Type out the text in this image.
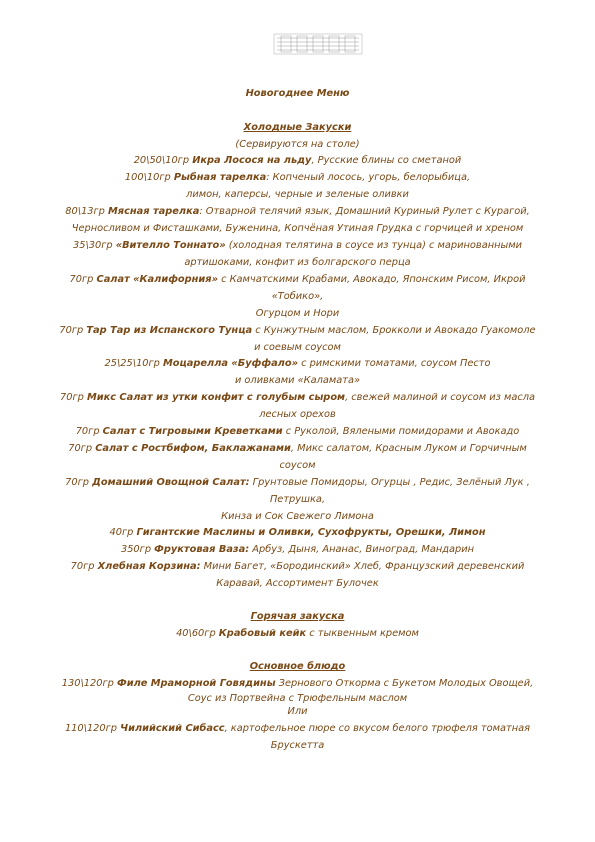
Новогоднее Меню
Холодные Закуски
(Сервируются на столе)
20\50\10гр Икра Лосося на льду, Русские блины со сметаной
100\10гр Рыбная тарелка: Копченый лосось, угорь, белорыбица,
лимон, каперсы, черные и зеленые оливки
80\13гр Мясная тарелка: Отварной телячий язык, Домашний Куриный Рулет с Курагой,
Черносливом и Фисташками, Буженина, Копчёная Утиная Грудка с горчицей и хреном
35\30гр «Вителло Тоннато» (холодная телятина в соусе из тунца) с маринованными
артишоками, конфит из болгарского перца
70гр Салат «Калифорния» с Камчатскими Крабами, Авокадо, Японским Рисом, Икрой
«Тобико»,
Огурцом и Нори
70гр Тар Тар из Испанского Тунца с Кунжутным маслом, Брокколи и Авокадо Гуакомоле
и соевым соусом
25\25\10гр Моцарелла «Буффало» с римскими томатами, соусом Песто
и оливками «Каламата»
70гр Микс Салат из утки конфит с голубым сыром, свежей малиной и соусом из масла
лесных орехов
70гр Салат с Тигровыми Креветками с Руколой, Вялеными помидорами и Авокадо
70гр Салат с Ростбифом, Баклажанами, Микс салатом, Красным Луком и Горчичным
соусом
70гр Домашний Овощной Салат: Грунтовые Помидоры, Огурцы , Редис, Зелёный Лук ,
Петрушка,
Кинза и Сок Свежего Лимона
40гр Гигантские Маслины и Оливки, Сухофрукты, Орешки, Лимон
350гр Фруктовая Ваза: Арбуз, Дыня, Ананас, Виноград, Мандарин
70гр Хлебная Корзина: Мини Багет, «Бородинский» Хлеб, Французский деревенский
Каравай, Ассортимент Булочек
Горячая закуска
40\60гр Крабовый кейк с тыквенным кремом
Основное блюдо
130\120гр Филе Мраморной Говядины Зернового Откорма с Букетом Молодых Овощей,
Соус из Портвейна с Трюфельным маслом
Или
110\120гр Чилийский Сибасс, картофельное пюре со вкусом белого трюфеля томатная
Брускетта
